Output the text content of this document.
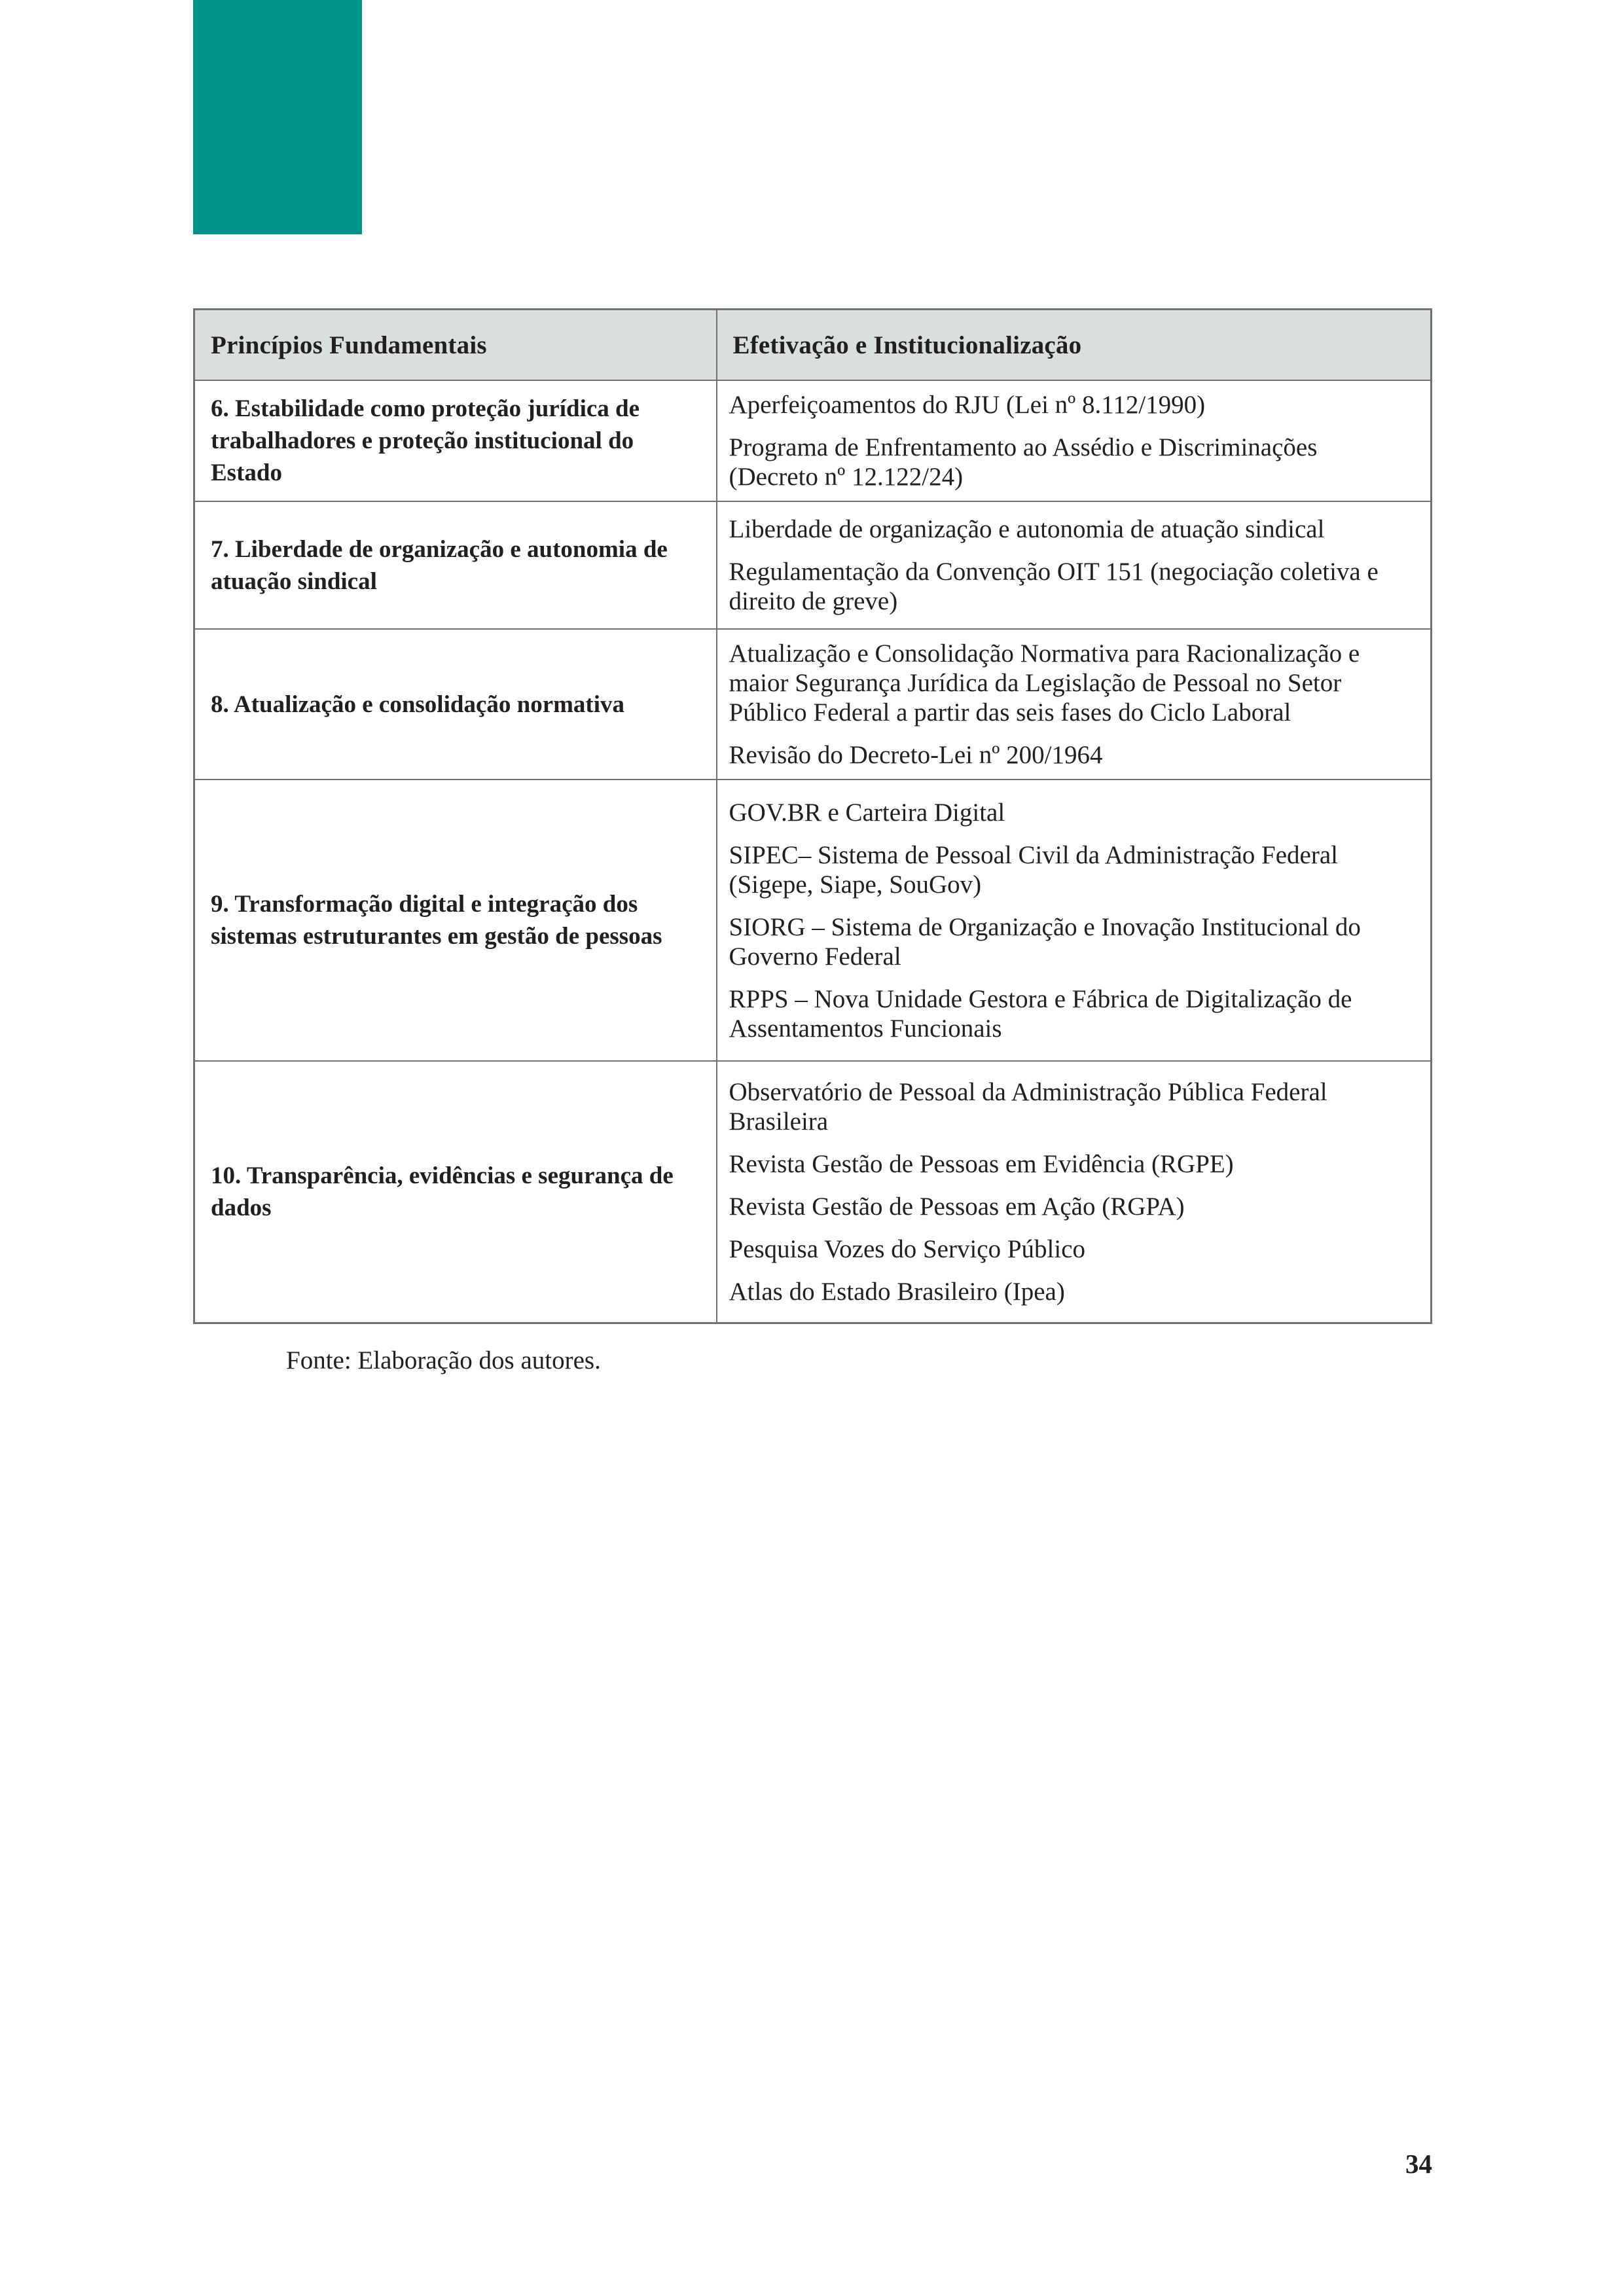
Princípios Fundamentais	Efetivação e Institucionalização
6. Estabilidade como proteção jurídica de trabalhadores e proteção institucional do Estado	Aperfeiçoamentos do RJU (Lei nº 8.112/1990)

Programa de Enfrentamento ao Assédio e Discriminações (Decreto nº 12.122/24)

7. Liberdade de organização e autonomia de atuação sindical	Liberdade de organização e autonomia de atuação sindical

Regulamentação da Convenção OIT 151 (negociação coletiva e direito de greve)

8. Atualização e consolidação normativa	Atualização e Consolidação Normativa para Racionalização e maior Segurança Jurídica da Legislação de Pessoal no Setor Público Federal a partir das seis fases do Ciclo Laboral

Revisão do Decreto-Lei nº 200/1964

9. Transformação digital e integração dos sistemas estruturantes em gestão de pessoas	GOV.BR e Carteira Digital

SIPEC– Sistema de Pessoal Civil da Administração Federal (Sigepe, Siape, SouGov)

SIORG – Sistema de Organização e Inovação Institucional do Governo Federal

RPPS – Nova Unidade Gestora e Fábrica de Digitalização de Assentamentos Funcionais

10. Transparência, evidências e segurança de dados	Observatório de Pessoal da Administração Pública Federal Brasileira

Revista Gestão de Pessoas em Evidência (RGPE)

Revista Gestão de Pessoas em Ação (RGPA)

Pesquisa Vozes do Serviço Público

Atlas do Estado Brasileiro (Ipea)

Fonte: Elaboração dos autores.
34
